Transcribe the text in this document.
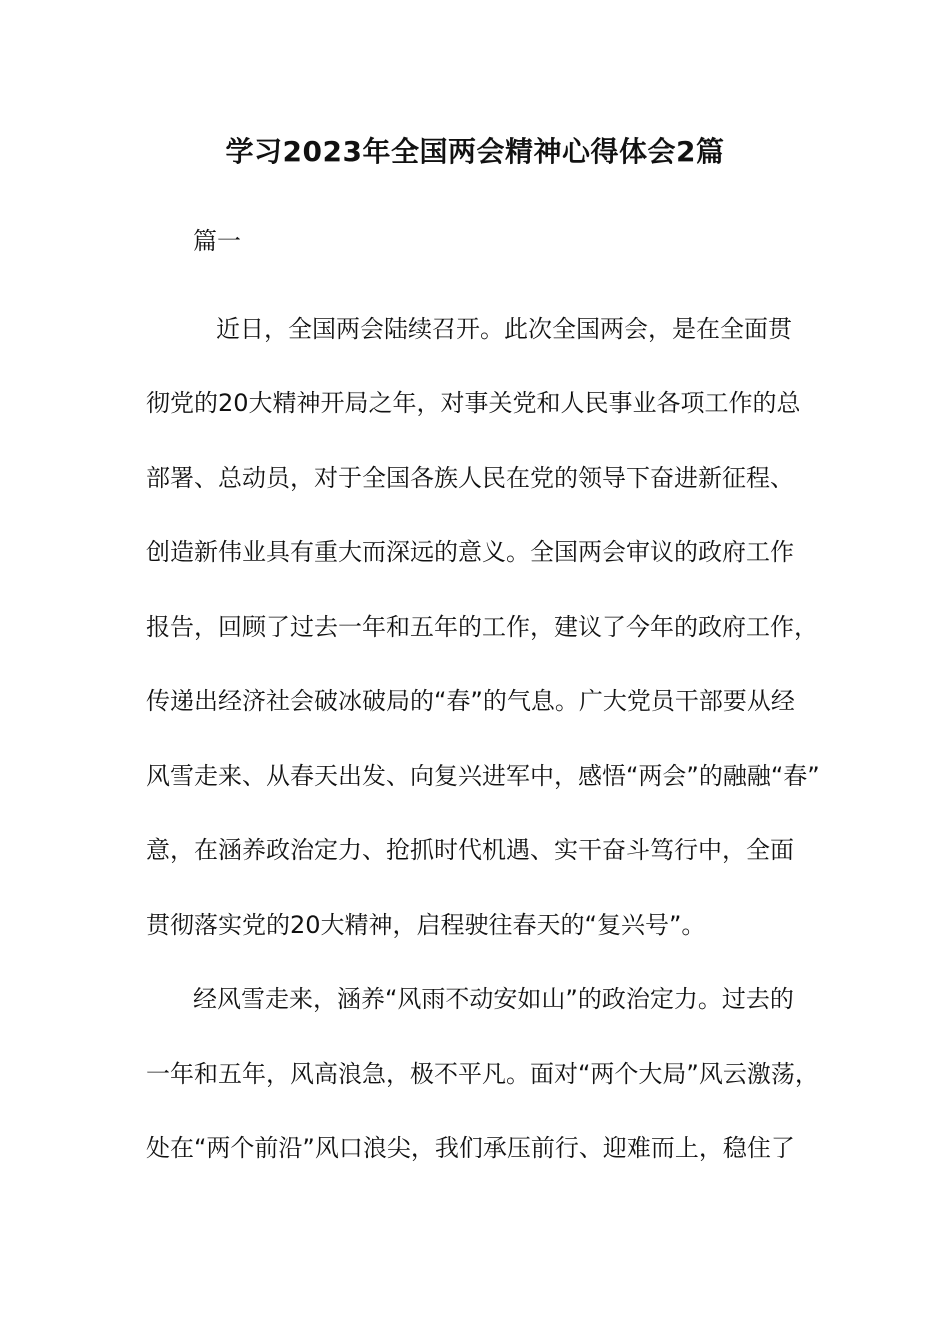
学习2023年全国两会精神心得体会2篇
篇一
近日，全国两会陆续召开。此次全国两会，是在全面贯
彻党的20大精神开局之年，对事关党和人民事业各项工作的总
部署、总动员，对于全国各族人民在党的领导下奋进新征程、
创造新伟业具有重大而深远的意义。全国两会审议的政府工作
报告，回顾了过去一年和五年的工作，建议了今年的政府工作，
传递出经济社会破冰破局的“春”的气息。广大党员干部要从经
风雪走来、从春天出发、向复兴进军中，感悟“两会”的融融“春”
意，在涵养政治定力、抢抓时代机遇、实干奋斗笃行中，全面
贯彻落实党的20大精神，启程驶往春天的“复兴号”。
经风雪走来，涵养“风雨不动安如山”的政治定力。过去的
一年和五年，风高浪急，极不平凡。面对“两个大局”风云激荡，
处在“两个前沿”风口浪尖，我们承压前行、迎难而上，稳住了
